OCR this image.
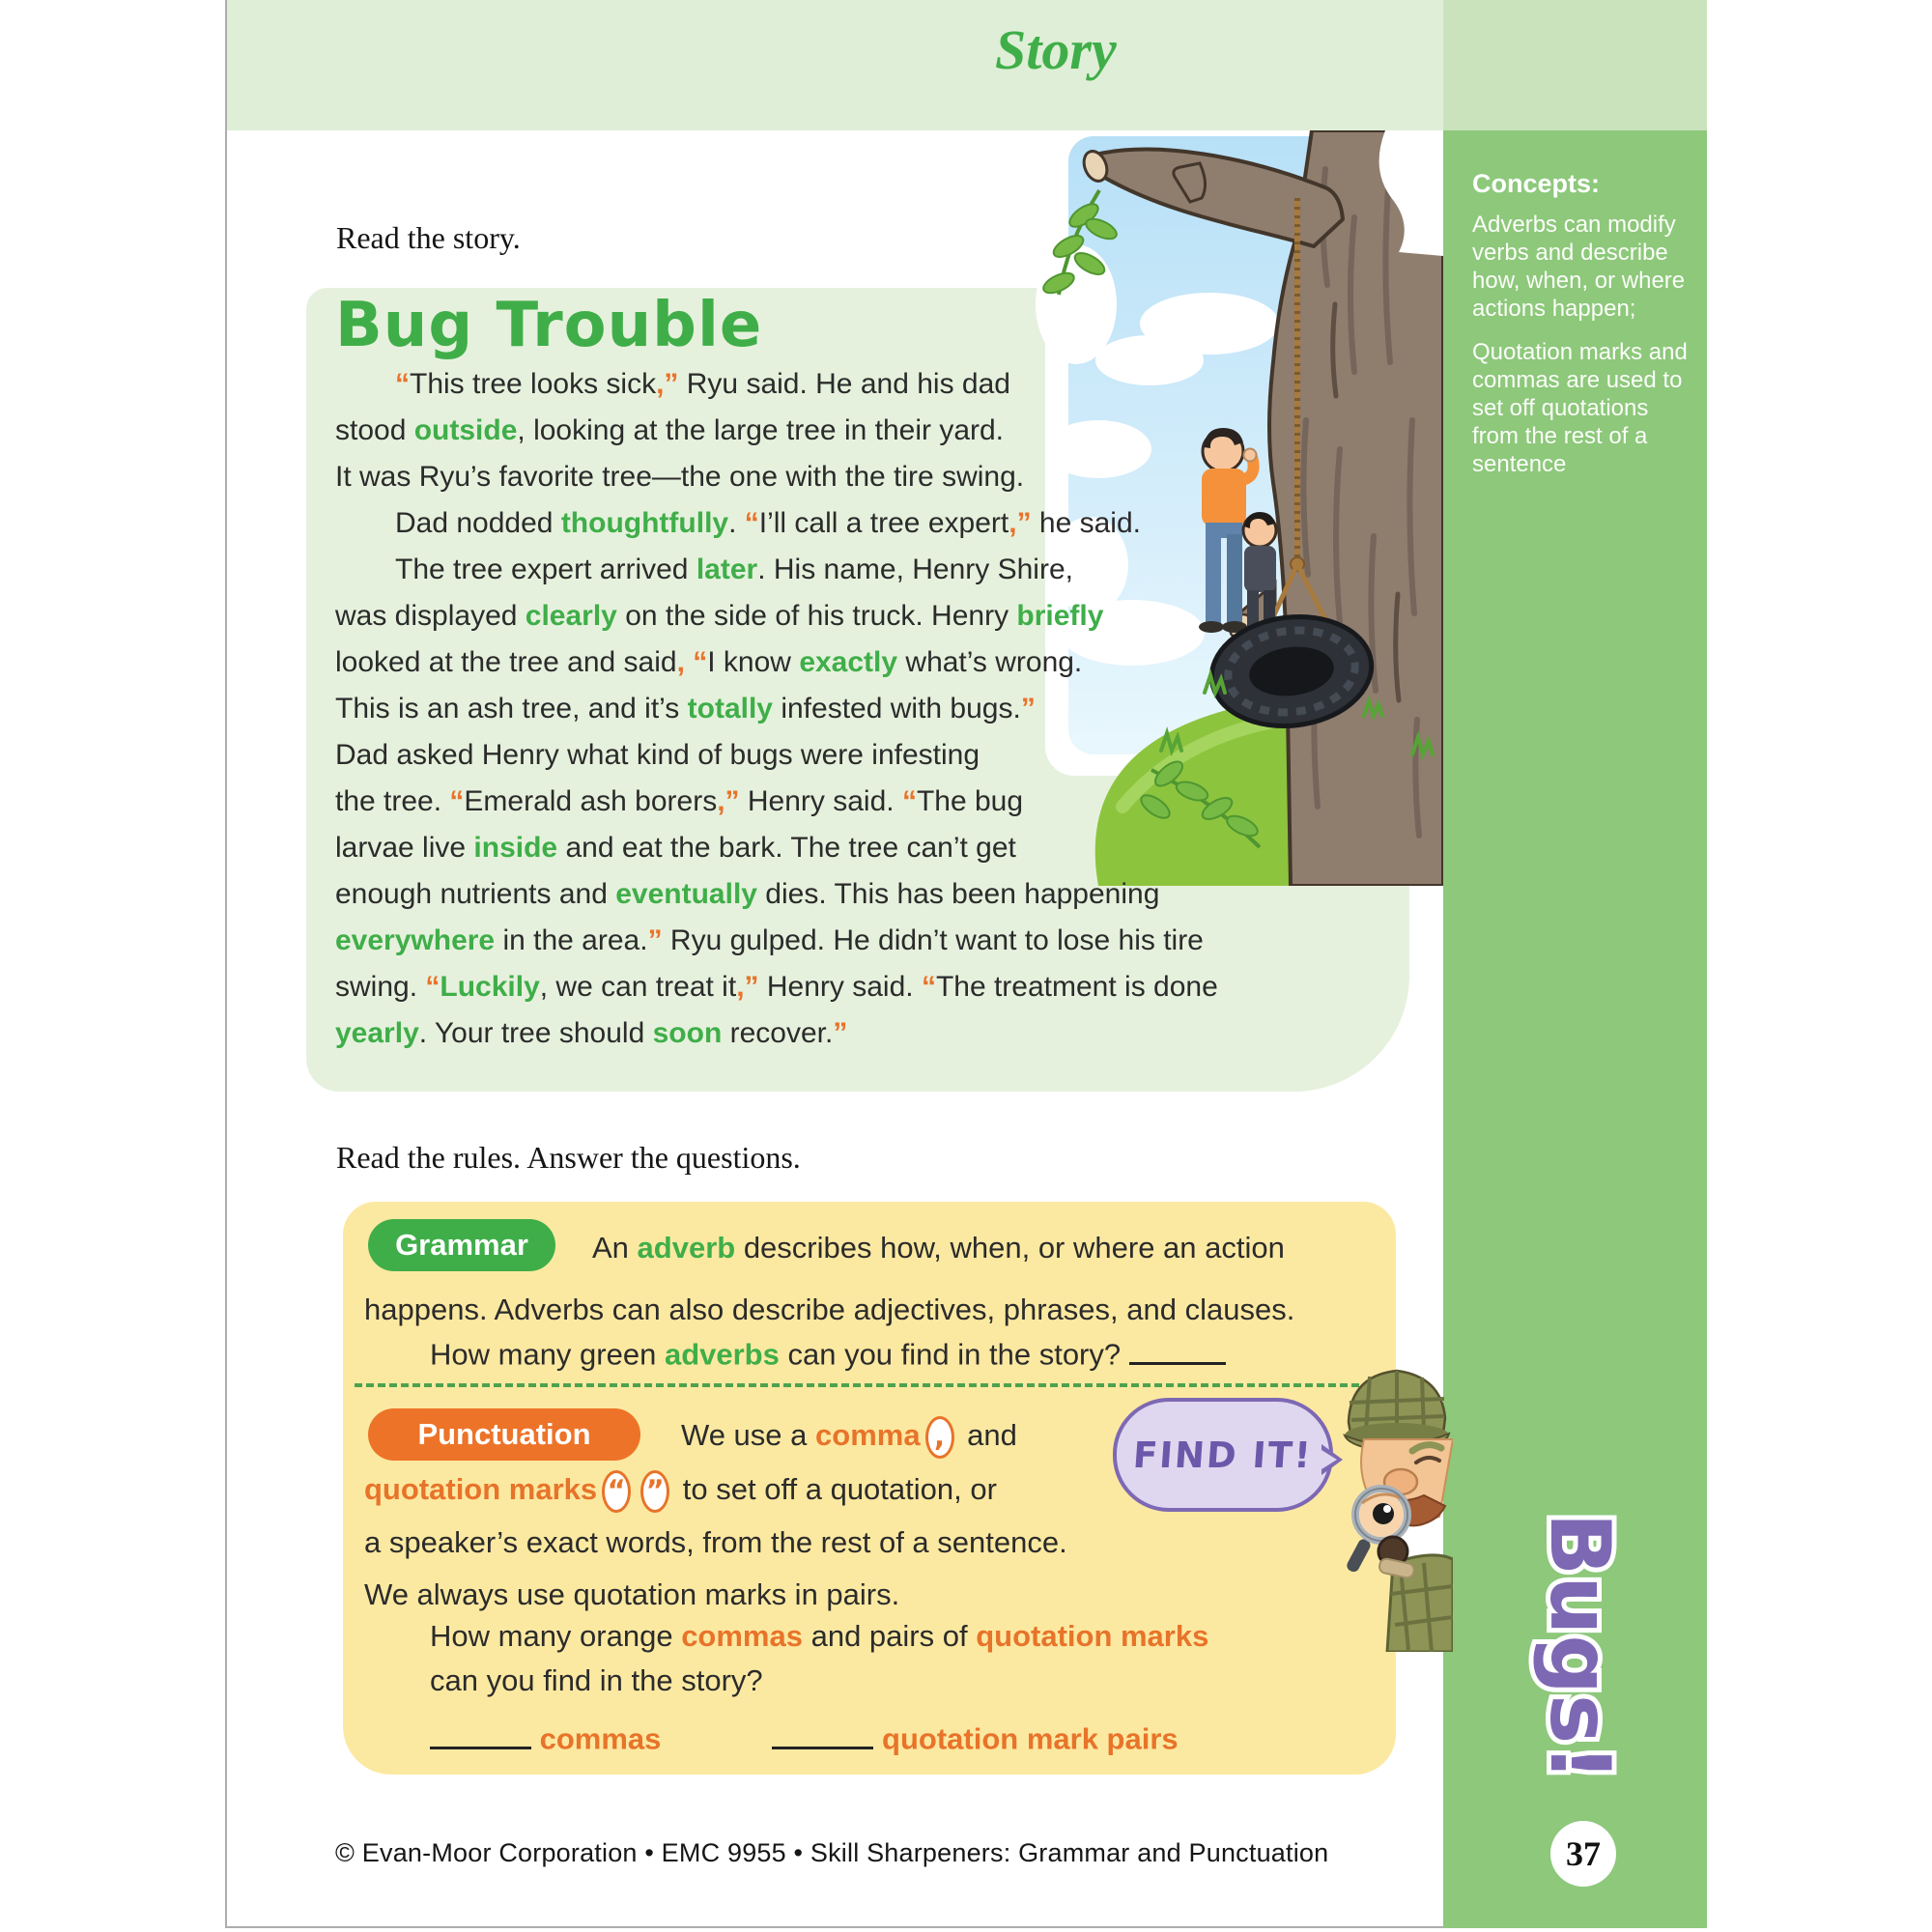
Story
Concepts:
Adverbs can modify verbs and describe how, when, or where actions happen;
Quotation marks and commas are used to set off quotations from the rest of a sentence
Read the story.
Bug Trouble
“This tree looks sick,” Ryu said. He and his dad
stood outside, looking at the large tree in their yard.
It was Ryu’s favorite tree—the one with the tire swing.
Dad nodded thoughtfully. “I’ll call a tree expert,” he said.
The tree expert arrived later. His name, Henry Shire,
was displayed clearly on the side of his truck. Henry briefly
looked at the tree and said, “I know exactly what’s wrong.
This is an ash tree, and it’s totally infested with bugs.”
Dad asked Henry what kind of bugs were infesting
the tree. “Emerald ash borers,” Henry said. “The bug
larvae live inside and eat the bark. The tree can’t get
enough nutrients and eventually dies. This has been happening
everywhere in the area.” Ryu gulped. He didn’t want to lose his tire
swing. “Luckily, we can treat it,” Henry said. “The treatment is done
yearly. Your tree should soon recover.”
Read the rules. Answer the questions.
Grammar	An adverb describes how, when, or where an action
happens. Adverbs can also describe adjectives, phrases, and clauses.
How many green adverbs can you find in the story?
Punctuation	We use a comma , and
quotation marks “ ” to set off a quotation, or
a speaker’s exact words, from the rest of a sentence.
We always use quotation marks in pairs.
How many orange commas and pairs of quotation marks
can you find in the story?
commas	quotation mark pairs
FIND IT!
Bugs!
37
© Evan-Moor Corporation • EMC 9955 • Skill Sharpeners: Grammar and Punctuation
